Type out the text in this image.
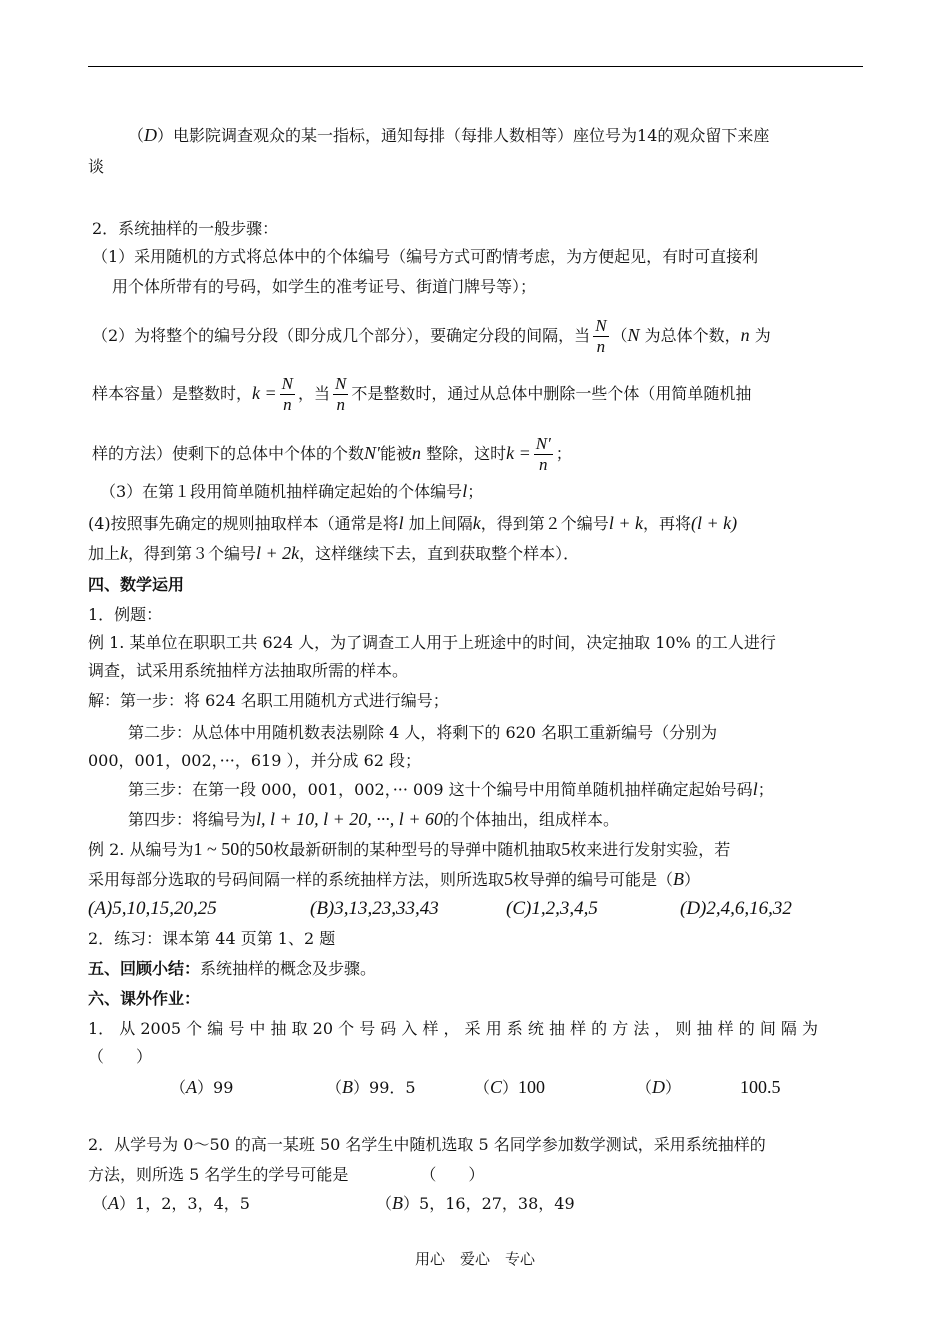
（D）电影院调查观众的某一指标，通知每排（每排人数相等）座位号为14的观众留下来座
谈
2．系统抽样的一般步骤：
（1）采用随机的方式将总体中的个体编号（编号方式可酌情考虑，为方便起见，有时可直接利
用个体所带有的号码，如学生的准考证号、街道门牌号等）；
（2）为将整个的编号分段（即分成几个部分），要确定分段的间隔，当 $\frac{N}{n} (N$ 为总体个数，n 为
样本容量）是整数时，$k = \frac{N}{n}$ ，当 $\frac{N}{n}$ 不是整数时，通过从总体中删除一些个体（用简单随机抽
样的方法）使剩下的总体中个体的个数N′能被n 整除，这时$k = \frac{N'}{n}$ ；
（3）在第１段用简单随机抽样确定起始的个体编号l；
(4)按照事先确定的规则抽取样本（通常是将l 加上间隔k，得到第２个编号l + k，再将(l + k)
加上k，得到第３个编号l + 2k，这样继续下去，直到获取整个样本）．
四、数学运用
1．例题：
例 1. 某单位在职职工共 624 人，为了调查工人用于上班途中的时间，决定抽取 10% 的工人进行
调查，试采用系统抽样方法抽取所需的样本。
解：第一步：将 624 名职工用随机方式进行编号；
第二步：从总体中用随机数表法剔除 4 人，将剩下的 620 名职工重新编号（分别为
000，001，002，···，619 ），并分成 62 段；
第三步：在第一段 000，001，002，··· 009 这十个编号中用简单随机抽样确定起始号码l；
第四步：将编号为l, l + 10, l + 20, ···, l + 60的个体抽出，组成样本。
例 2. 从编号为1 ~ 50的50枚最新研制的某种型号的导弹中随机抽取5枚来进行发射实验，若
采用每部分选取的号码间隔一样的系统抽样方法，则所选取5枚导弹的编号可能是（B）
(A)5,10,15,20,25	(B)3,13,23,33,43	(C)1,2,3,4,5	(D)2,4,6,16,32
2．练习：课本第 44 页第 1、2 题
五、回顾小结：系统抽样的概念及步骤。
六、课外作业：
1． 从 2005 个 编 号 中 抽 取 20 个 号 码 入 样 ， 采 用 系 统 抽 样 的 方 法 ， 则 抽 样 的 间 隔 为
（　　）
（A）99	（B）99．5	（C）100	（D）	100.5
2．从学号为 0～50 的高一某班 50 名学生中随机选取 5 名同学参加数学测试，采用系统抽样的
方法，则所选 5 名学生的学号可能是　　　　　（　　）
（A）1，2，3，4，5	（B）5，16，27，38，49
用心　爱心　专心
